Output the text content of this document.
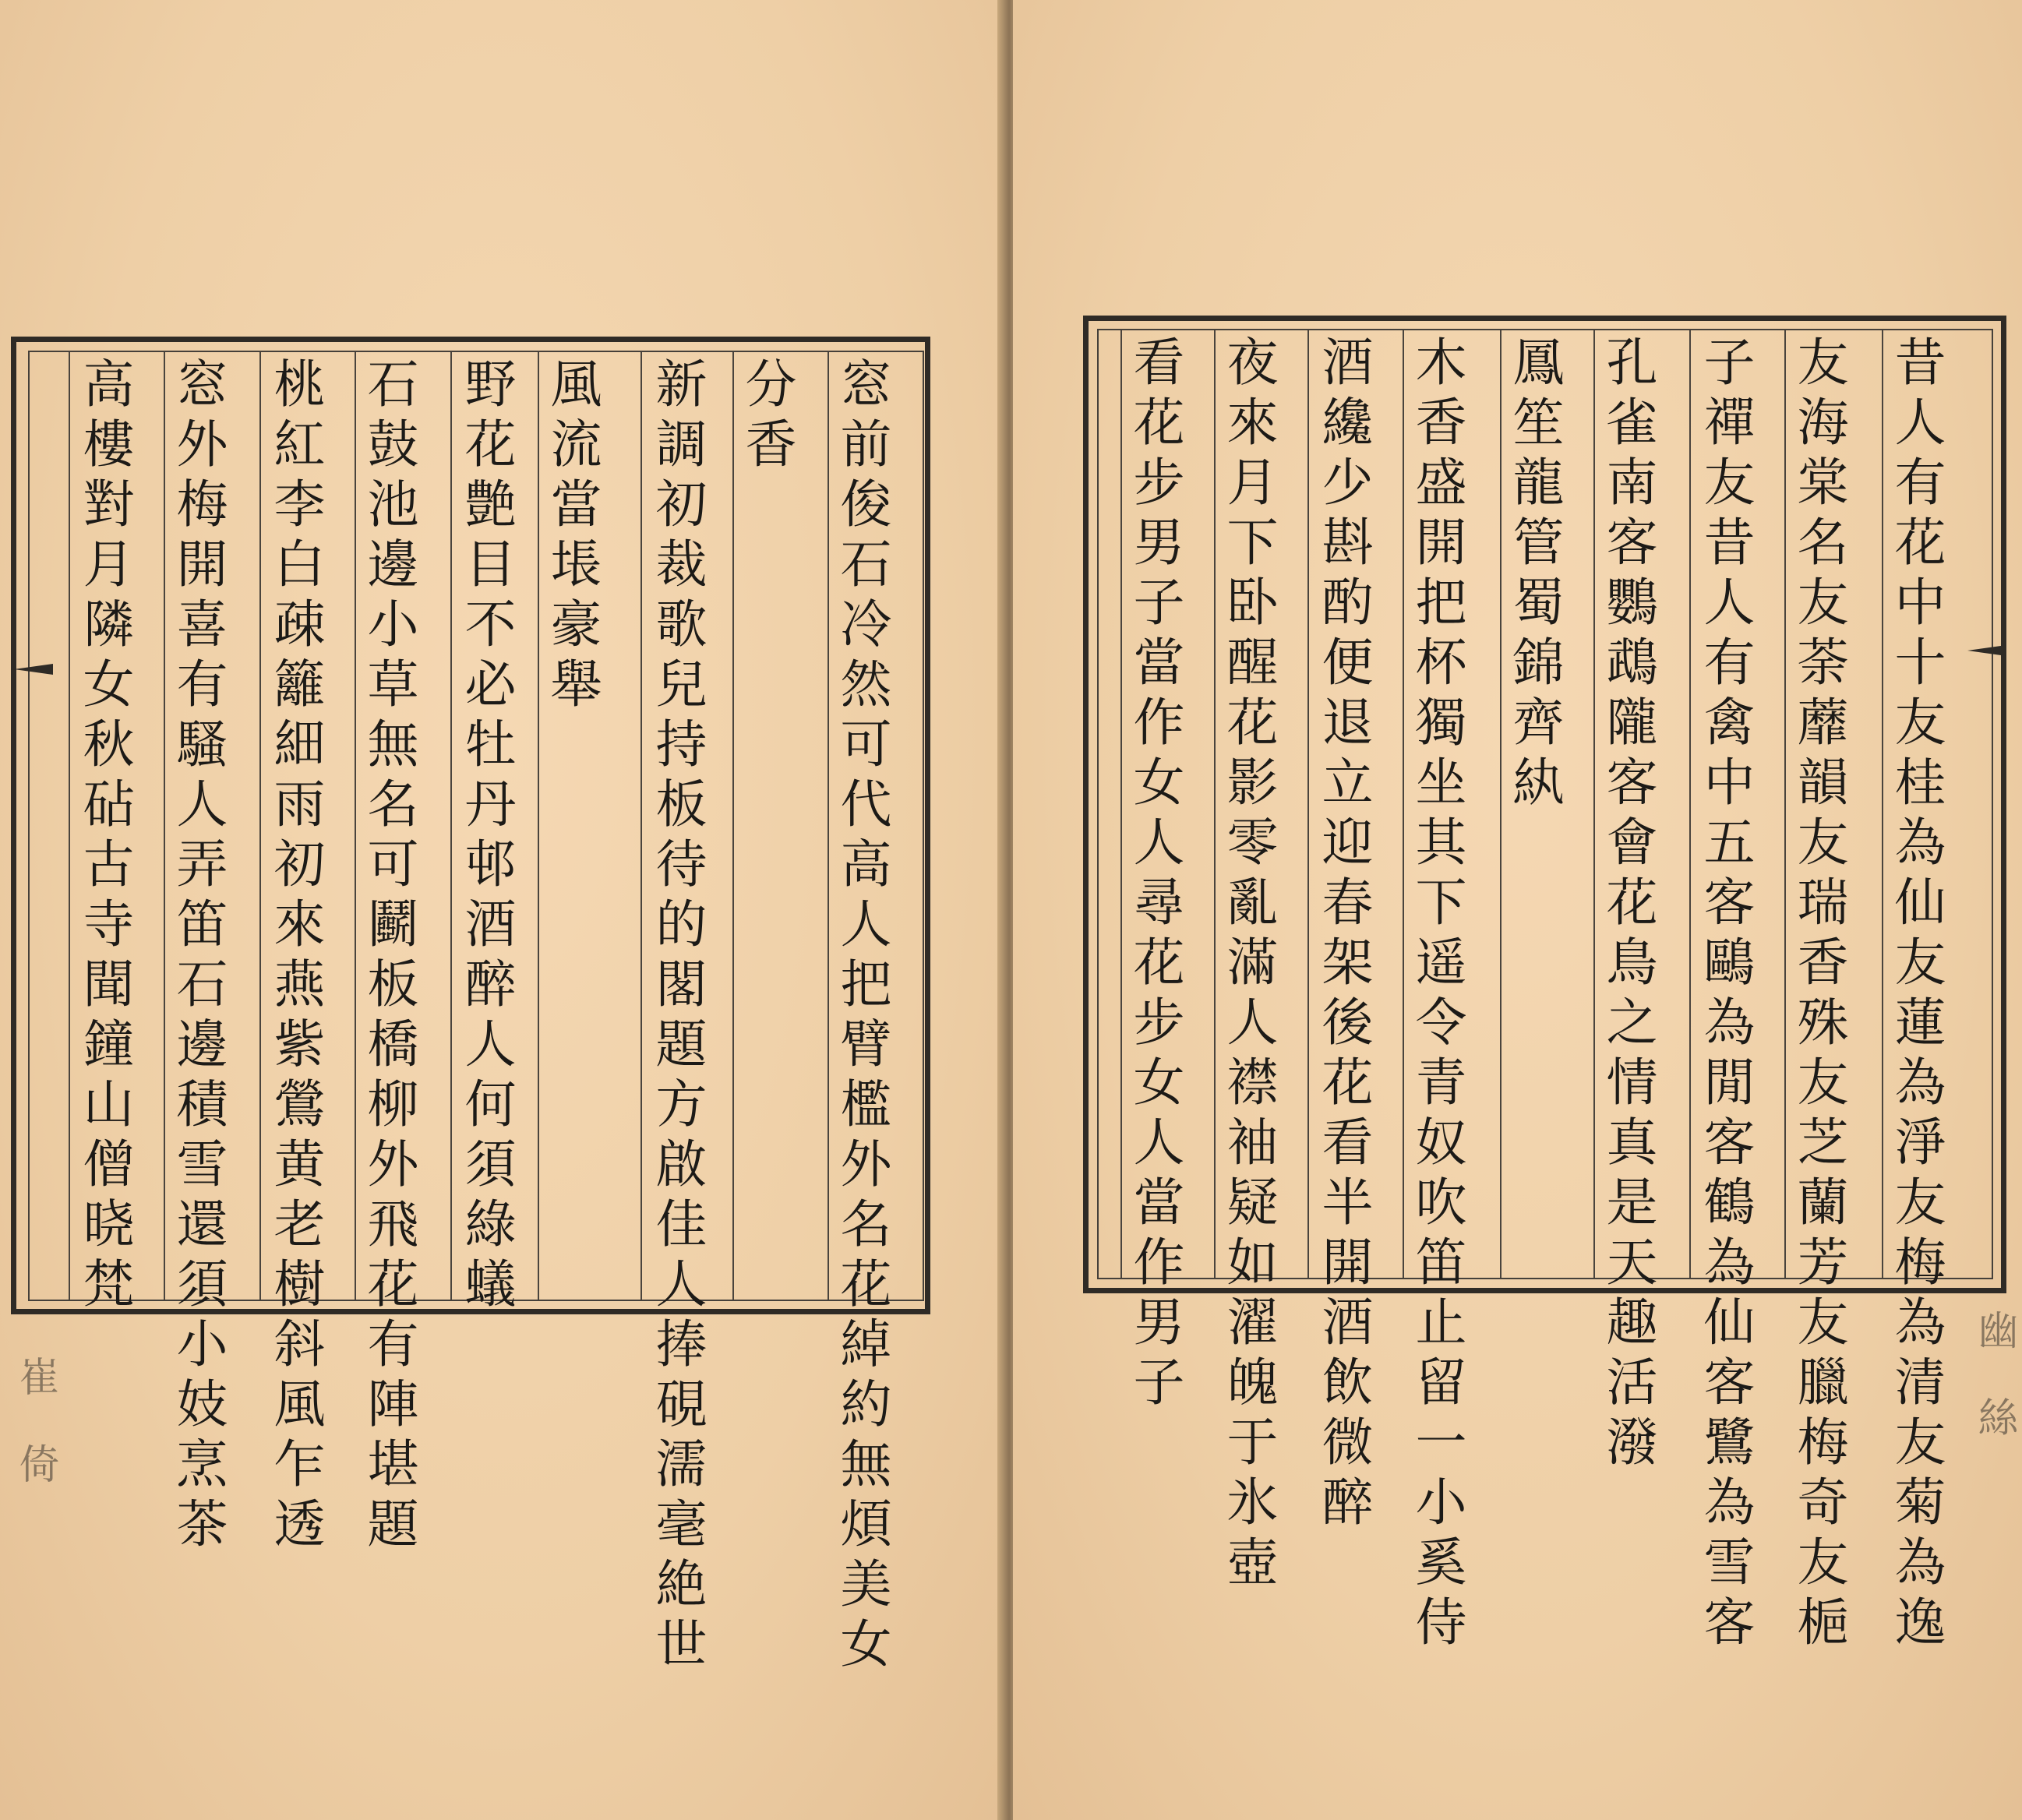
窓前俊石冷然可代高人把臂檻外名花綽約無煩美女
分香
新調初裁歌兒持板待的閣題方啟佳人捧硯濡毫絶世
風流當㙊豪舉
野花艶目不必牡丹邨酒醉人何須綠蟻
石鼓池邊小草無名可鬬板橋柳外飛花有陣堪題
桃紅李白疎籬細雨初來燕紫鶯黄老樹斜風乍透
窓外梅開喜有騷人弄笛石邊積雪還須小妓烹茶
高樓對月隣女秋砧古寺聞鐘山僧晓梵
崔 倚	昔人有花中十友桂為仙友蓮為淨友梅為清友菊為逸
友海棠名友荼蘼韻友瑞香殊友芝蘭芳友臘梅奇友梔
子禪友昔人有禽中五客鷗為閒客鶴為仙客鷺為雪客
孔雀南客鸚鵡隴客會花鳥之情真是天趣活潑
鳳笙龍管蜀錦齊紈
木香盛開把杯獨坐其下遥令青奴吹笛止留一小奚侍
酒纔少斟酌便退立迎春架後花看半開酒飲微醉
夜來月下卧醒花影零亂滿人襟袖疑如濯魄于氷壺
看花步男子當作女人尋花步女人當作男子	幽 絲
